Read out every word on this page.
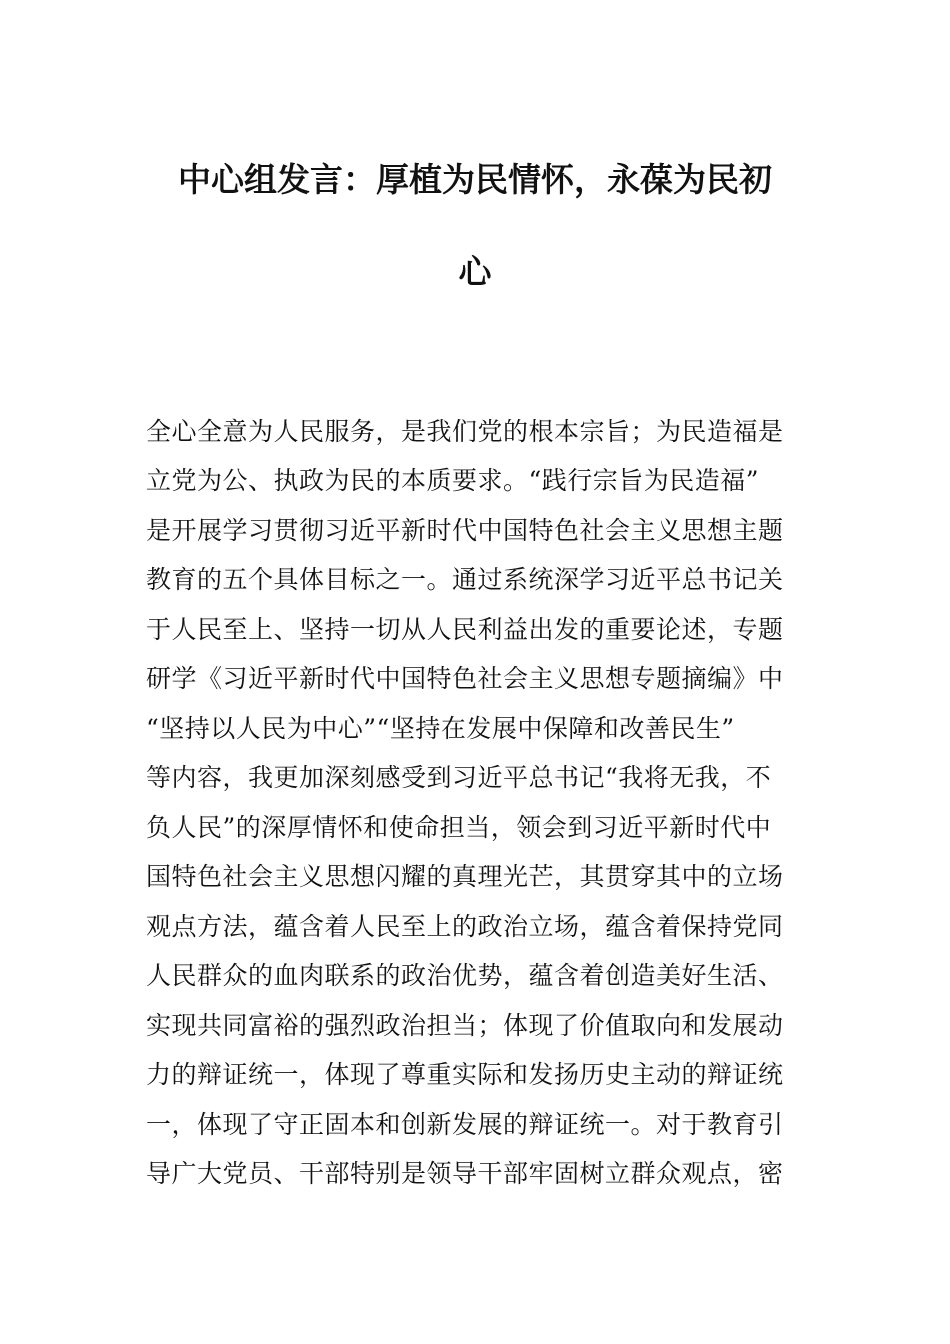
中心组发言：厚植为民情怀，永葆为民初
心

全心全意为人民服务，是我们党的根本宗旨；为民造福是

立党为公、执政为民的本质要求。“践行宗旨为民造福”

是开展学习贯彻习近平新时代中国特色社会主义思想主题

教育的五个具体目标之一。通过系统深学习近平总书记关

于人民至上、坚持一切从人民利益出发的重要论述，专题

研学《习近平新时代中国特色社会主义思想专题摘编》中

“坚持以人民为中心”“坚持在发展中保障和改善民生”

等内容，我更加深刻感受到习近平总书记“我将无我，不

负人民”的深厚情怀和使命担当，领会到习近平新时代中

国特色社会主义思想闪耀的真理光芒，其贯穿其中的立场

观点方法，蕴含着人民至上的政治立场，蕴含着保持党同

人民群众的血肉联系的政治优势，蕴含着创造美好生活、

实现共同富裕的强烈政治担当；体现了价值取向和发展动

力的辩证统一，体现了尊重实际和发扬历史主动的辩证统

一，体现了守正固本和创新发展的辩证统一。对于教育引

导广大党员、干部特别是领导干部牢固树立群众观点，密
